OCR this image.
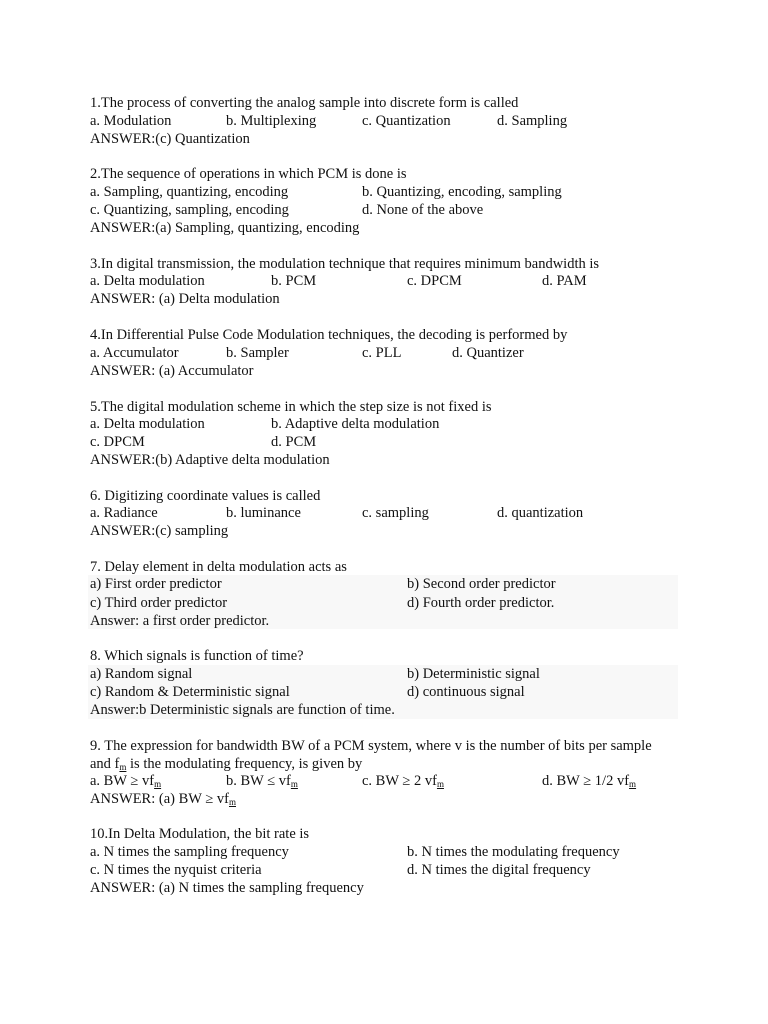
1.The process of converting the analog sample into discrete form is called
a. Modulation	b. Multiplexing	c. Quantization	d. Sampling
ANSWER:(c) Quantization
2.The sequence of operations in which PCM is done is
a. Sampling, quantizing, encoding	b. Quantizing, encoding, sampling
c. Quantizing, sampling, encoding	d. None of the above
ANSWER:(a) Sampling, quantizing, encoding
3.In digital transmission, the modulation technique that requires minimum bandwidth is
a. Delta modulation	b. PCM	c. DPCM	d. PAM
ANSWER: (a) Delta modulation
4.In Differential Pulse Code Modulation techniques, the decoding is performed by
a. Accumulator	b. Sampler	c. PLL	d. Quantizer
ANSWER: (a) Accumulator
5.The digital modulation scheme in which the step size is not fixed is
a. Delta modulation	b. Adaptive delta modulation
c. DPCM	d. PCM
ANSWER:(b) Adaptive delta modulation
6. Digitizing coordinate values is called
a. Radiance	b. luminance	c. sampling	d. quantization
ANSWER:(c) sampling
7. Delay element in delta modulation acts as
a) First order predictor	b) Second order predictor
c) Third order predictor	d) Fourth order predictor.
Answer: a first order predictor.
8. Which signals is function of time?
a) Random signal	b) Deterministic signal
c) Random & Deterministic signal	d) continuous signal
Answer:b Deterministic signals are function of time.
9. The expression for bandwidth BW of a PCM system, where v is the number of bits per sample
and $f_m$ is the modulating frequency, is given by
a. BW ≥ $vf_m$	b. BW ≤ $vf_m$	c. BW ≥ 2 $vf_m$	d. BW ≥ 1/2 $vf_m$
ANSWER: (a) BW ≥ $vf_m$
10.In Delta Modulation, the bit rate is
a. N times the sampling frequency	b. N times the modulating frequency
c. N times the nyquist criteria	d. N times the digital frequency
ANSWER: (a) N times the sampling frequency
